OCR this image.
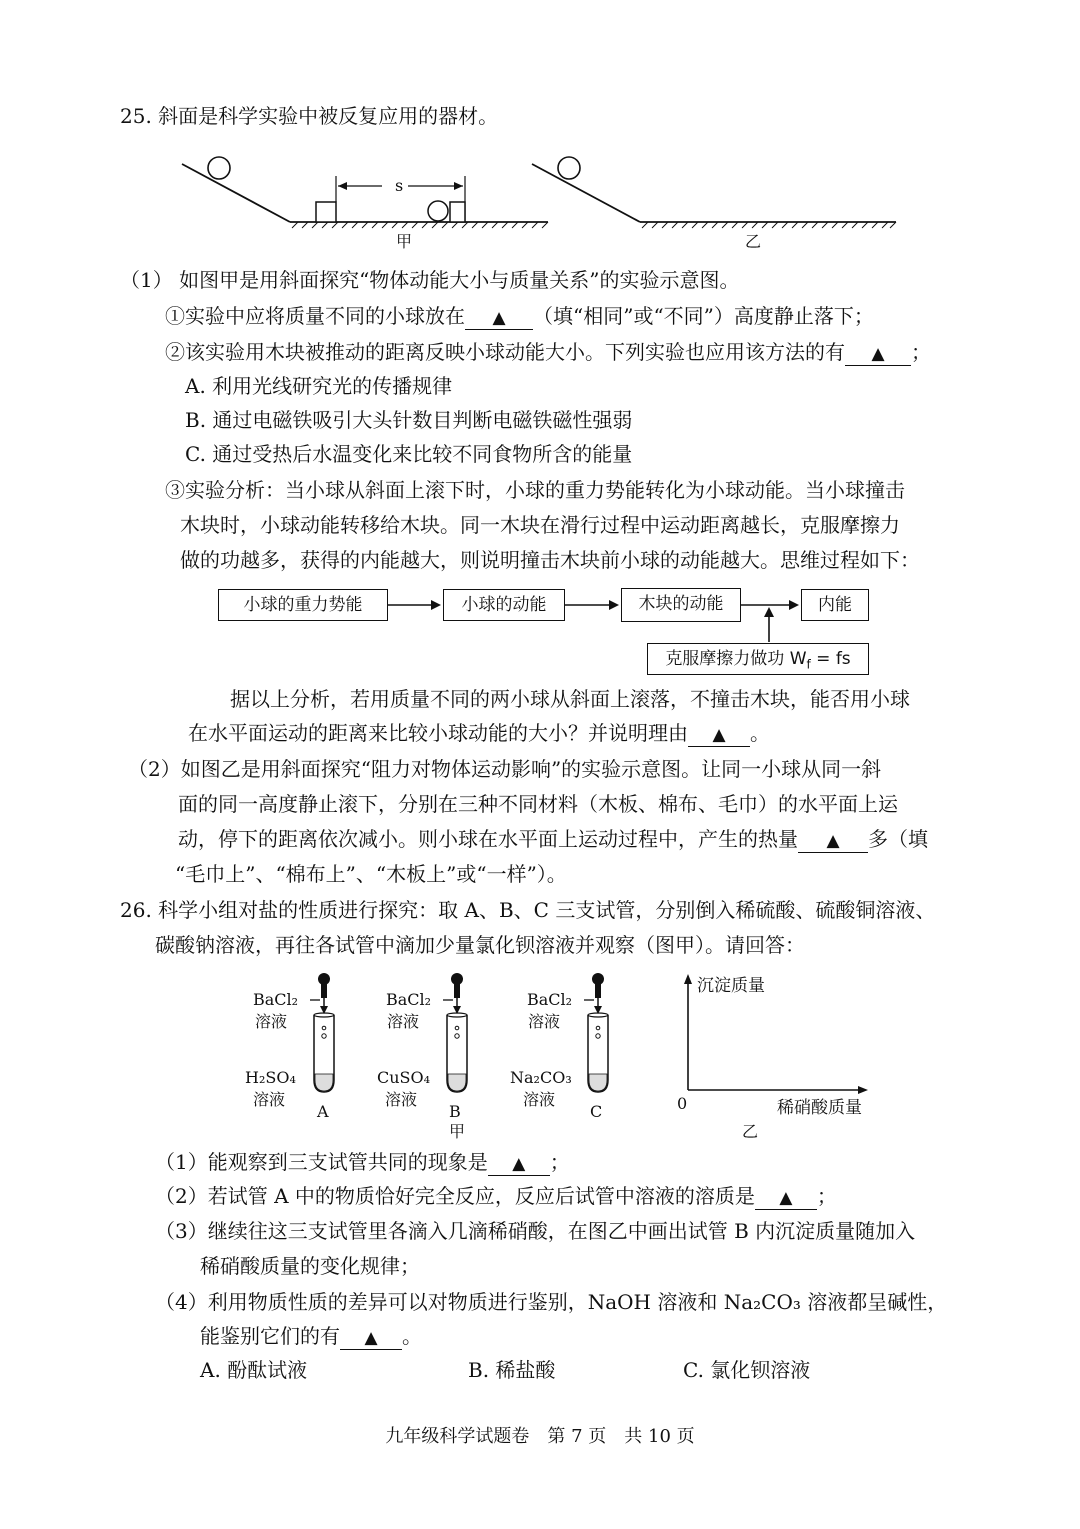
25. 斜面是科学实验中被反复应用的器材。
s
甲	乙
（1） 如图甲是用斜面探究“物体动能大小与质量关系”的实验示意图。
①实验中应将质量不同的小球放在 ▲ （填“相同”或“不同”）高度静止落下；
②该实验用木块被推动的距离反映小球动能大小。下列实验也应用该方法的有 ▲ ；
A. 利用光线研究光的传播规律
B. 通过电磁铁吸引大头针数目判断电磁铁磁性强弱
C. 通过受热后水温变化来比较不同食物所含的能量
③实验分析：当小球从斜面上滚下时，小球的重力势能转化为小球动能。当小球撞击
木块时，小球动能转移给木块。同一木块在滑行过程中运动距离越长，克服摩擦力
做的功越多，获得的内能越大，则说明撞击木块前小球的动能越大。思维过程如下：
小球的重力势能	小球的动能	木块的动能	内能
克服摩擦力做功 $W_f$ = fs
据以上分析，若用质量不同的两小球从斜面上滚落，不撞击木块，能否用小球
在水平面运动的距离来比较小球动能的大小？并说明理由 ▲ 。
（2）如图乙是用斜面探究“阻力对物体运动影响”的实验示意图。让同一小球从同一斜
面的同一高度静止滚下，分别在三种不同材料（木板、棉布、毛巾）的水平面上运
动，停下的距离依次减小。则小球在水平面上运动过程中，产生的热量 ▲ 多（填
“毛巾上”、“棉布上”、“木板上”或“一样”）。
26. 科学小组对盐的性质进行探究：取 A、B、C 三支试管，分别倒入稀硫酸、硫酸铜溶液、
碳酸钠溶液，再往各试管中滴加少量氯化钡溶液并观察（图甲）。请回答：
BaCl₂
溶液
H₂SO₄
溶液
A
BaCl₂
溶液
CuSO₄
溶液
B
甲
BaCl₂
溶液
Na₂CO₃
溶液
C
沉淀质量
0	稀硝酸质量
乙
（1）能观察到三支试管共同的现象是 ▲ ；
（2）若试管 A 中的物质恰好完全反应，反应后试管中溶液的溶质是 ▲ ；
（3）继续往这三支试管里各滴入几滴稀硝酸，在图乙中画出试管 B 内沉淀质量随加入
稀硝酸质量的变化规律；
（4）利用物质性质的差异可以对物质进行鉴别，NaOH 溶液和 Na₂CO₃ 溶液都呈碱性，
能鉴别它们的有 ▲ 。
A. 酚酞试液	B. 稀盐酸	C. 氯化钡溶液
九年级科学试题卷　第 7 页　共 10 页
